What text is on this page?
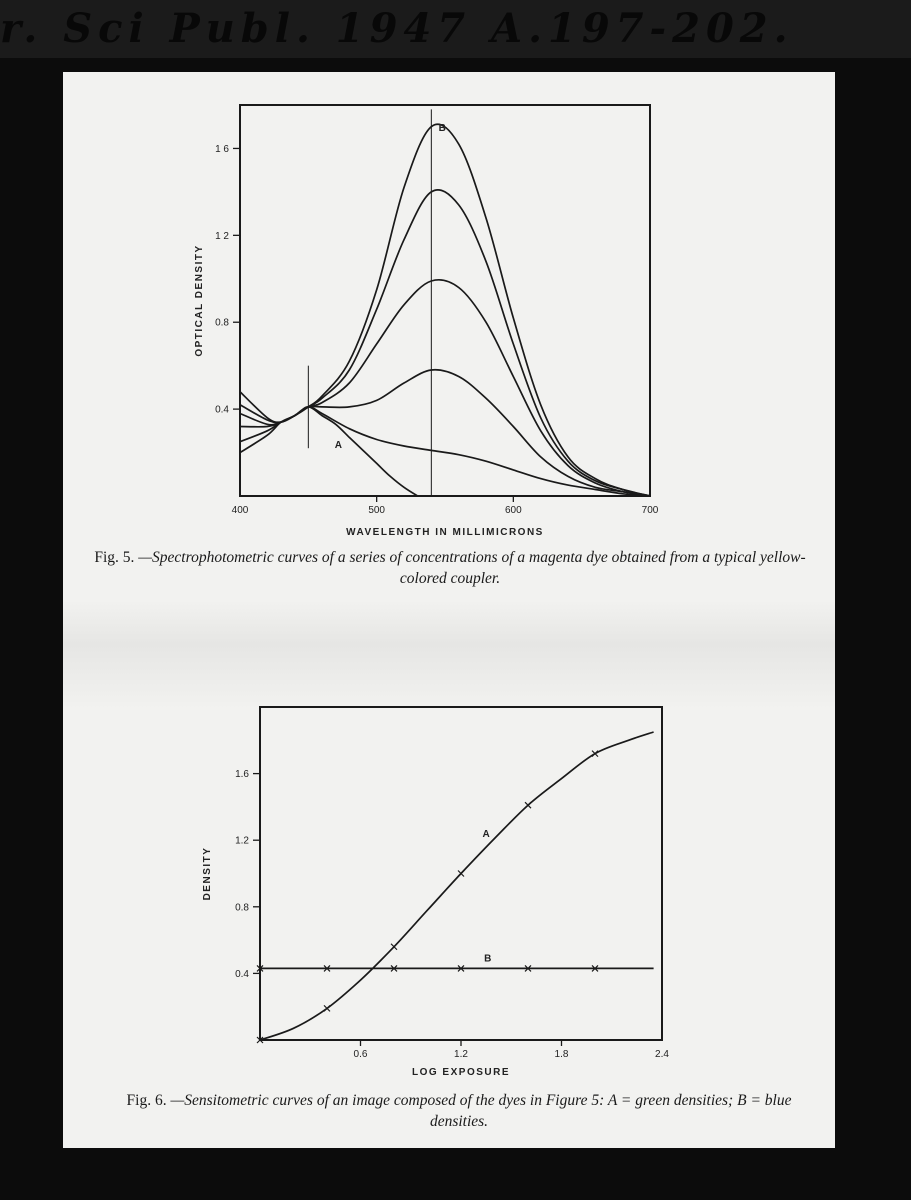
r. Sci Publ. 1947 A.197-202.
0.4
0.8
1 2
1 6
400	500	600	700
WAVELENGTH IN MILLIMICRONS
OPTICAL DENSITY
B
A
Fig. 5. —Spectrophotometric curves of a series of concentrations of a magenta dye obtained from a typical yellow-colored coupler.
0.4
0.8
1.2
1.6
0.6	1.2	1.8	2.4
LOG EXPOSURE
DENSITY
A
B
Fig. 6. —Sensitometric curves of an image composed of the dyes in Figure 5: A = green densities; B = blue densities.
